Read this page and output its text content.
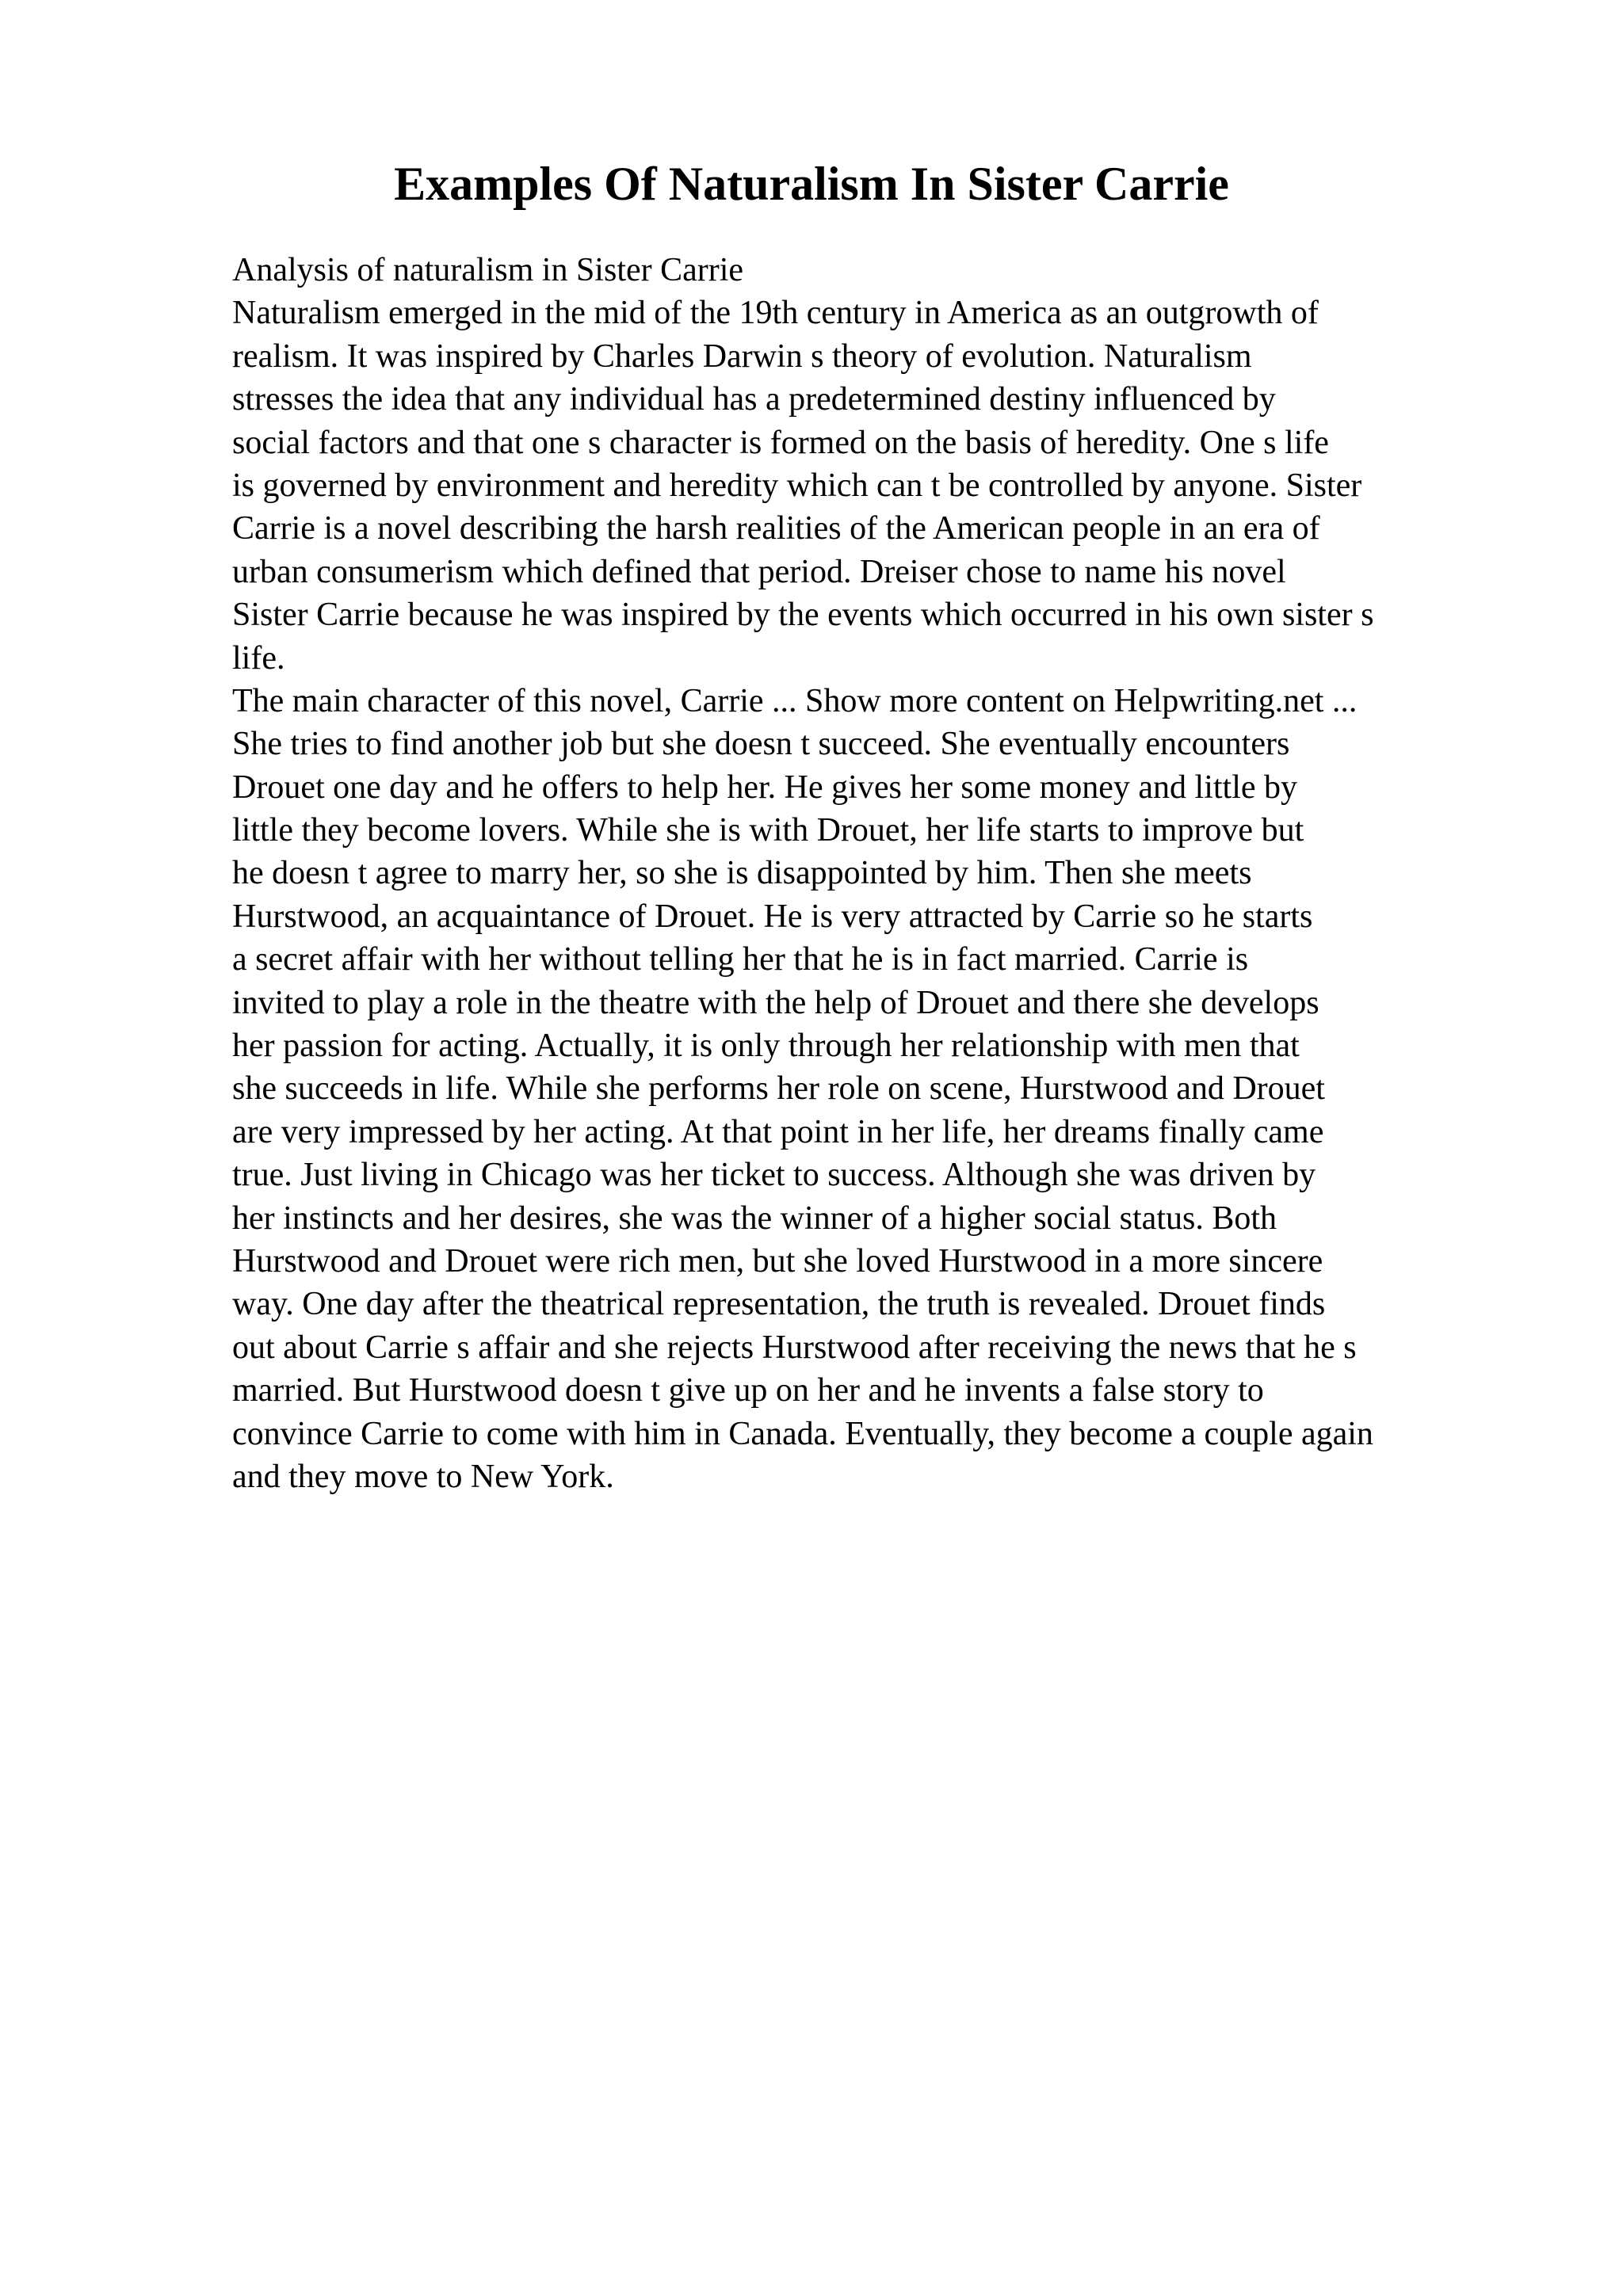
Examples Of Naturalism In Sister Carrie
Analysis of naturalism in Sister Carrie
Naturalism emerged in the mid of the 19th century in America as an outgrowth of
realism. It was inspired by Charles Darwin s theory of evolution. Naturalism
stresses the idea that any individual has a predetermined destiny influenced by
social factors and that one s character is formed on the basis of heredity. One s life
is governed by environment and heredity which can t be controlled by anyone. Sister
Carrie is a novel describing the harsh realities of the American people in an era of
urban consumerism which defined that period. Dreiser chose to name his novel
Sister Carrie because he was inspired by the events which occurred in his own sister s
life.
The main character of this novel, Carrie ... Show more content on Helpwriting.net ...
She tries to find another job but she doesn t succeed. She eventually encounters
Drouet one day and he offers to help her. He gives her some money and little by
little they become lovers. While she is with Drouet, her life starts to improve but
he doesn t agree to marry her, so she is disappointed by him. Then she meets
Hurstwood, an acquaintance of Drouet. He is very attracted by Carrie so he starts
a secret affair with her without telling her that he is in fact married. Carrie is
invited to play a role in the theatre with the help of Drouet and there she develops
her passion for acting. Actually, it is only through her relationship with men that
she succeeds in life. While she performs her role on scene, Hurstwood and Drouet
are very impressed by her acting. At that point in her life, her dreams finally came
true. Just living in Chicago was her ticket to success. Although she was driven by
her instincts and her desires, she was the winner of a higher social status. Both
Hurstwood and Drouet were rich men, but she loved Hurstwood in a more sincere
way. One day after the theatrical representation, the truth is revealed. Drouet finds
out about Carrie s affair and she rejects Hurstwood after receiving the news that he s
married. But Hurstwood doesn t give up on her and he invents a false story to
convince Carrie to come with him in Canada. Eventually, they become a couple again
and they move to New York.
